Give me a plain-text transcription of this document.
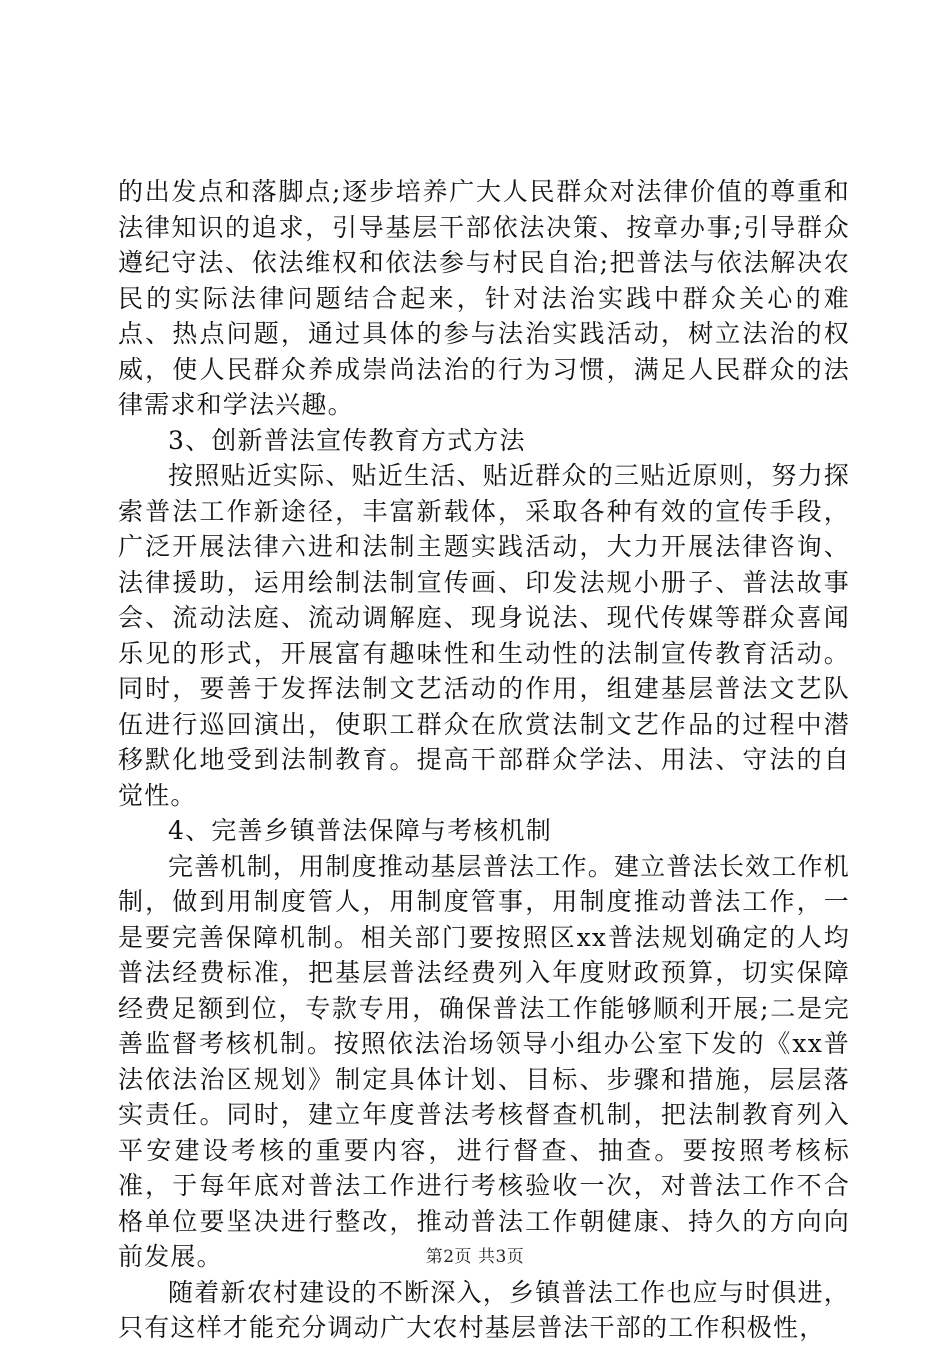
的出发点和落脚点;逐步培养广大人民群众对法律价值的尊重和法律知识的追求，引导基层干部依法决策、按章办事;引导群众遵纪守法、依法维权和依法参与村民自治;把普法与依法解决农民的实际法律问题结合起来，针对法治实践中群众关心的难点、热点问题，通过具体的参与法治实践活动，树立法治的权威，使人民群众养成崇尚法治的行为习惯，满足人民群众的法律需求和学法兴趣。

3、创新普法宣传教育方式方法

按照贴近实际、贴近生活、贴近群众的三贴近原则，努力探索普法工作新途径，丰富新载体，采取各种有效的宣传手段，广泛开展法律六进和法制主题实践活动，大力开展法律咨询、法律援助，运用绘制法制宣传画、印发法规小册子、普法故事会、流动法庭、流动调解庭、现身说法、现代传媒等群众喜闻乐见的形式，开展富有趣味性和生动性的法制宣传教育活动。同时，要善于发挥法制文艺活动的作用，组建基层普法文艺队伍进行巡回演出，使职工群众在欣赏法制文艺作品的过程中潜移默化地受到法制教育。提高干部群众学法、用法、守法的自觉性。

4、完善乡镇普法保障与考核机制

完善机制，用制度推动基层普法工作。建立普法长效工作机制，做到用制度管人，用制度管事，用制度推动普法工作，一是要完善保障机制。相关部门要按照区xx普法规划确定的人均普法经费标准，把基层普法经费列入年度财政预算，切实保障经费足额到位，专款专用，确保普法工作能够顺利开展;二是完善监督考核机制。按照依法治场领导小组办公室下发的《xx普法依法治区规划》制定具体计划、目标、步骤和措施，层层落实责任。同时，建立年度普法考核督查机制，把法制教育列入平安建设考核的重要内容，进行督查、抽查。要按照考核标准，于每年底对普法工作进行考核验收一次，对普法工作不合格单位要坚决进行整改，推动普法工作朝健康、持久的方向向前发展。

随着新农村建设的不断深入，乡镇普法工作也应与时俱进，只有这样才能充分调动广大农村基层普法干部的工作积极性，

第2页 共3页
